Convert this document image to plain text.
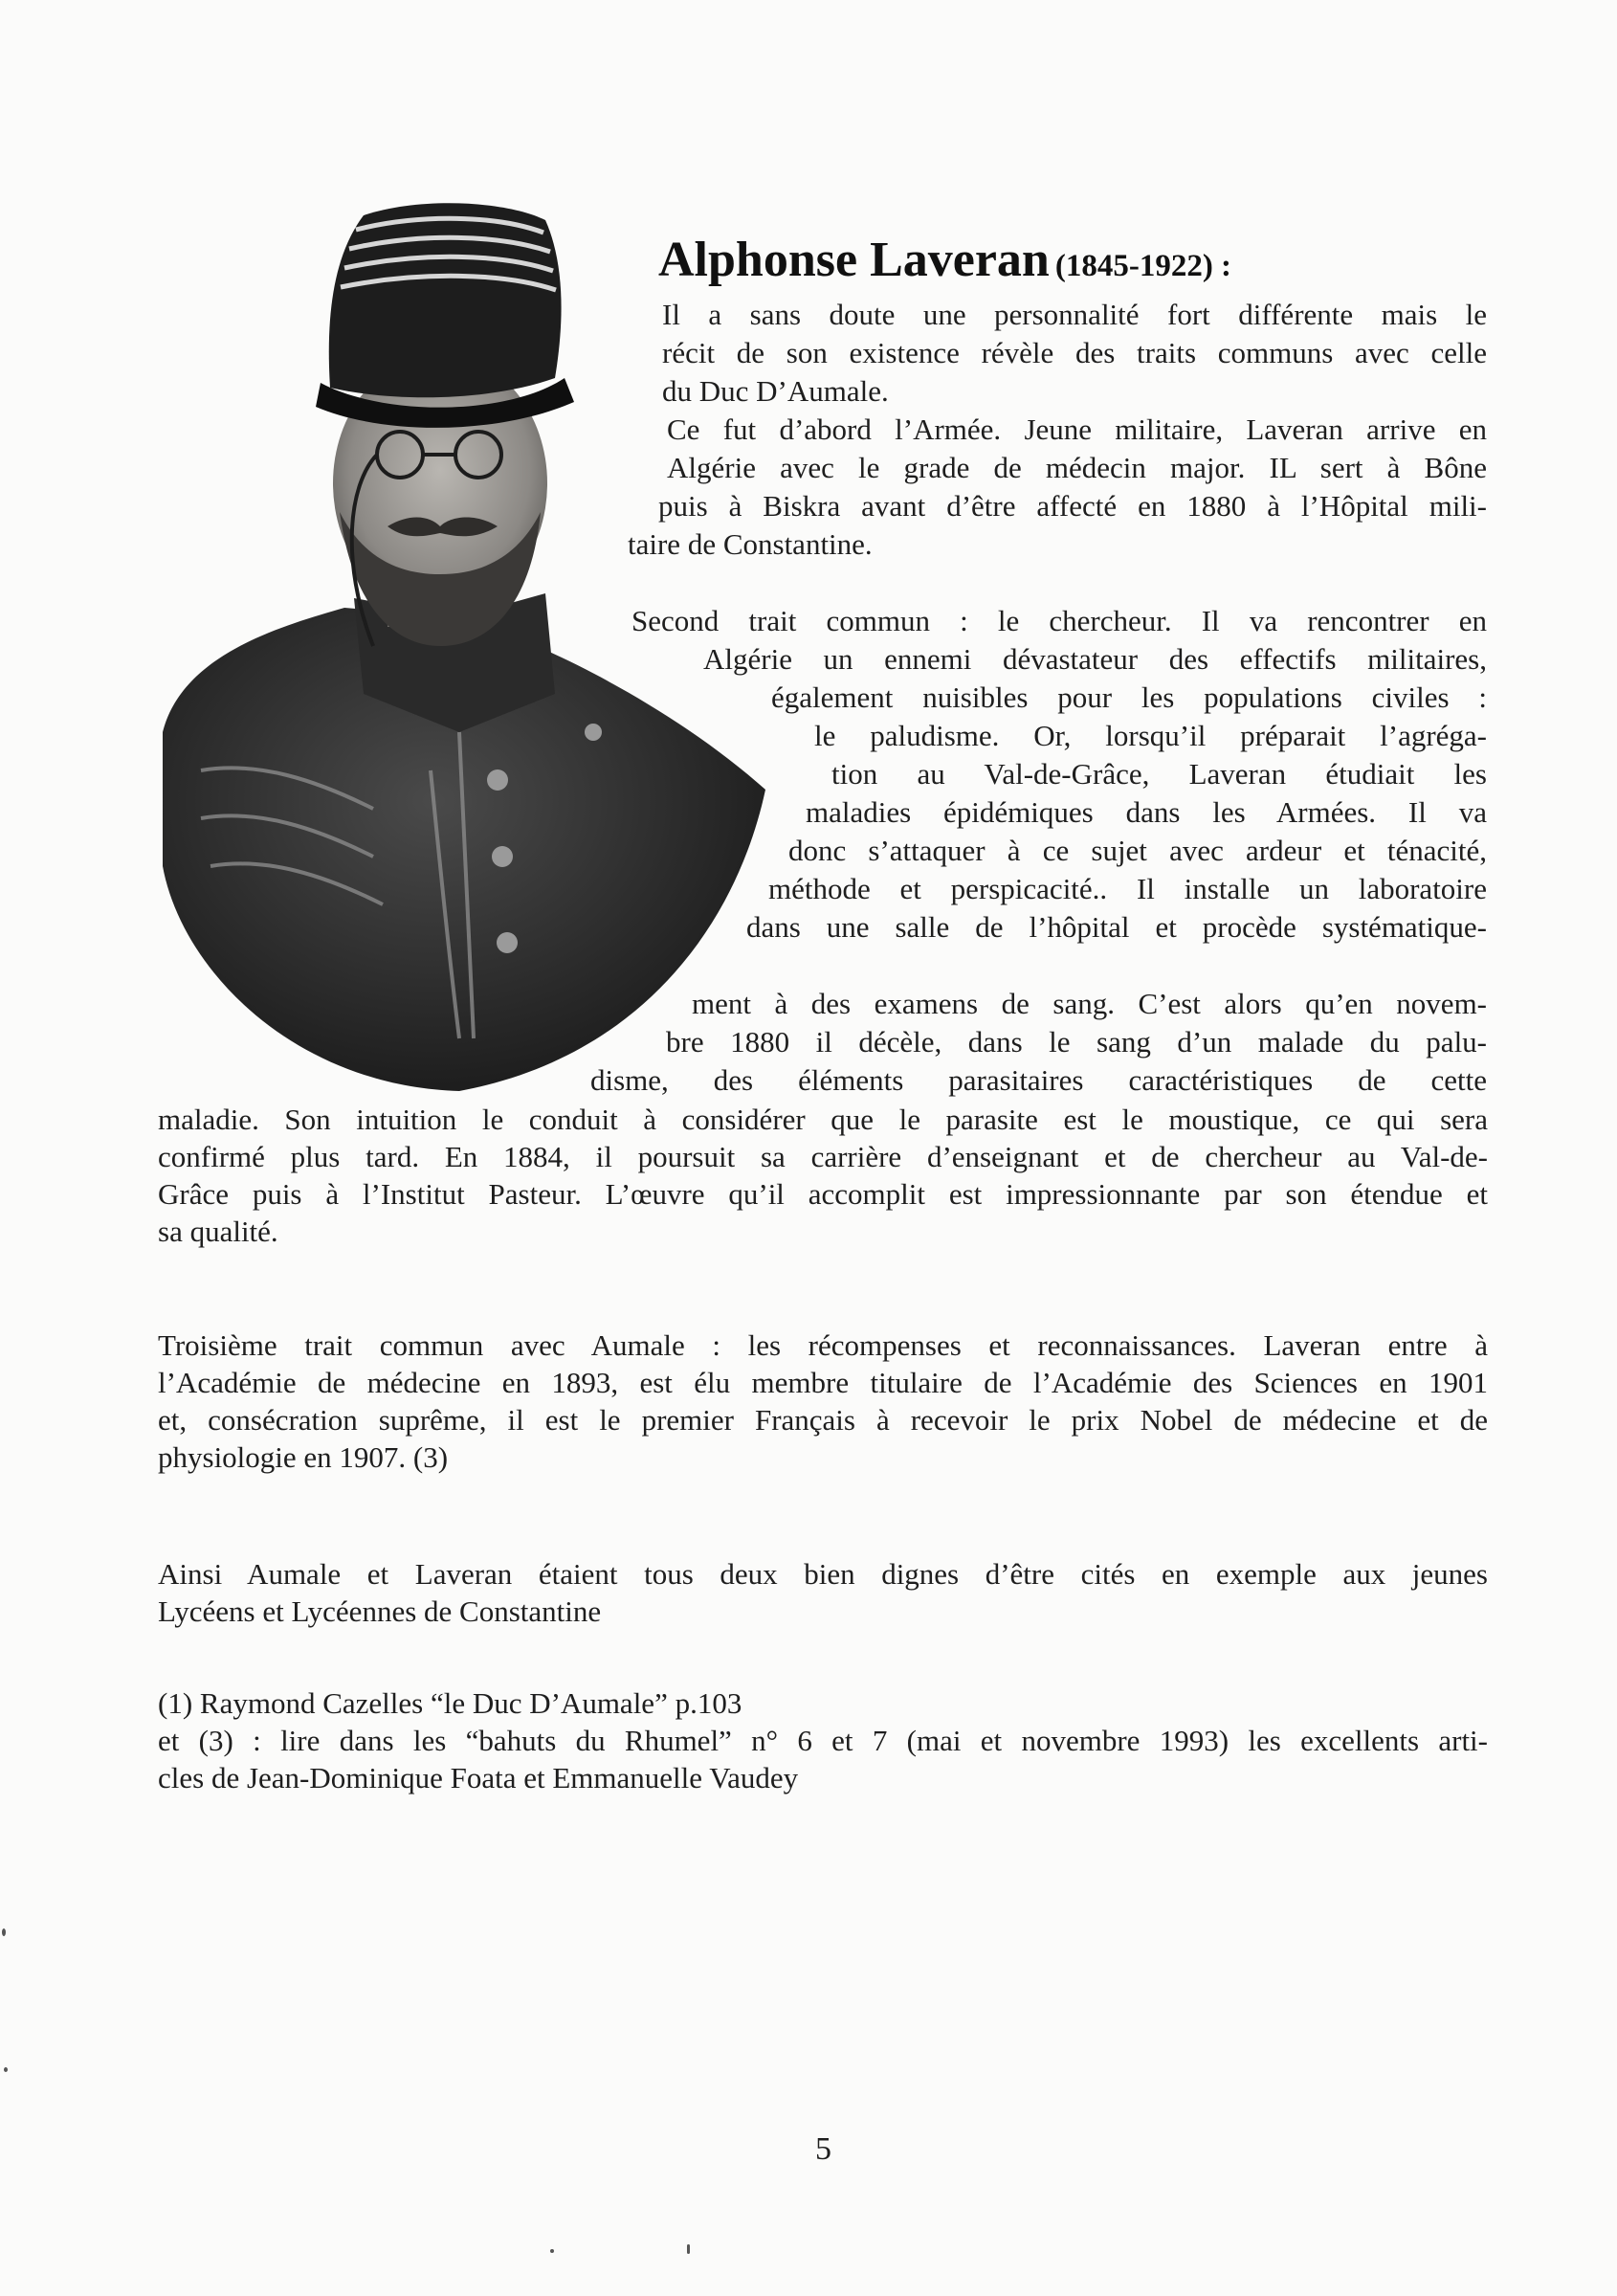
Alphonse Laveran (1845-1922) :
Il a sans doute une personnalité fort différente mais le
récit de son existence révèle des traits communs avec celle
du Duc D’Aumale.
Ce fut d’abord l’Armée. Jeune militaire, Laveran arrive en
Algérie avec le grade de médecin major. IL sert à Bône
puis à Biskra avant d’être affecté en 1880 à l’Hôpital mili-
taire de Constantine.
Second trait commun : le chercheur. Il va rencontrer en
Algérie un ennemi dévastateur des effectifs militaires,
également nuisibles pour les populations civiles :
le paludisme. Or, lorsqu’il préparait l’agréga-
tion au Val-de-Grâce, Laveran étudiait les
maladies épidémiques dans les Armées. Il va
donc s’attaquer à ce sujet avec ardeur et ténacité,
méthode et perspicacité.. Il installe un laboratoire
dans une salle de l’hôpital et procède systématique-
ment à des examens de sang. C’est alors qu’en novem-
bre 1880 il décèle, dans le sang d’un malade du palu-
disme, des éléments parasitaires caractéristiques de cette
maladie. Son intuition le conduit à considérer que le parasite est le moustique, ce qui sera
confirmé plus tard. En 1884, il poursuit sa carrière d’enseignant et de chercheur au Val-de-
Grâce puis à l’Institut Pasteur. L’œuvre qu’il accomplit est impressionnante par son étendue et
sa qualité.
Troisième trait commun avec Aumale : les récompenses et reconnaissances. Laveran entre à
l’Académie de médecine en 1893, est élu membre titulaire de l’Académie des Sciences en 1901
et, consécration suprême, il est le premier Français à recevoir le prix Nobel de médecine et de
physiologie en 1907. (3)
Ainsi Aumale et Laveran étaient tous deux bien dignes d’être cités en exemple aux jeunes
Lycéens et Lycéennes de Constantine
(1) Raymond Cazelles “le Duc D’Aumale” p.103
et (3) : lire dans les “bahuts du Rhumel” n° 6 et 7 (mai et novembre 1993) les excellents arti-
cles de Jean-Dominique Foata et Emmanuelle Vaudey
5
